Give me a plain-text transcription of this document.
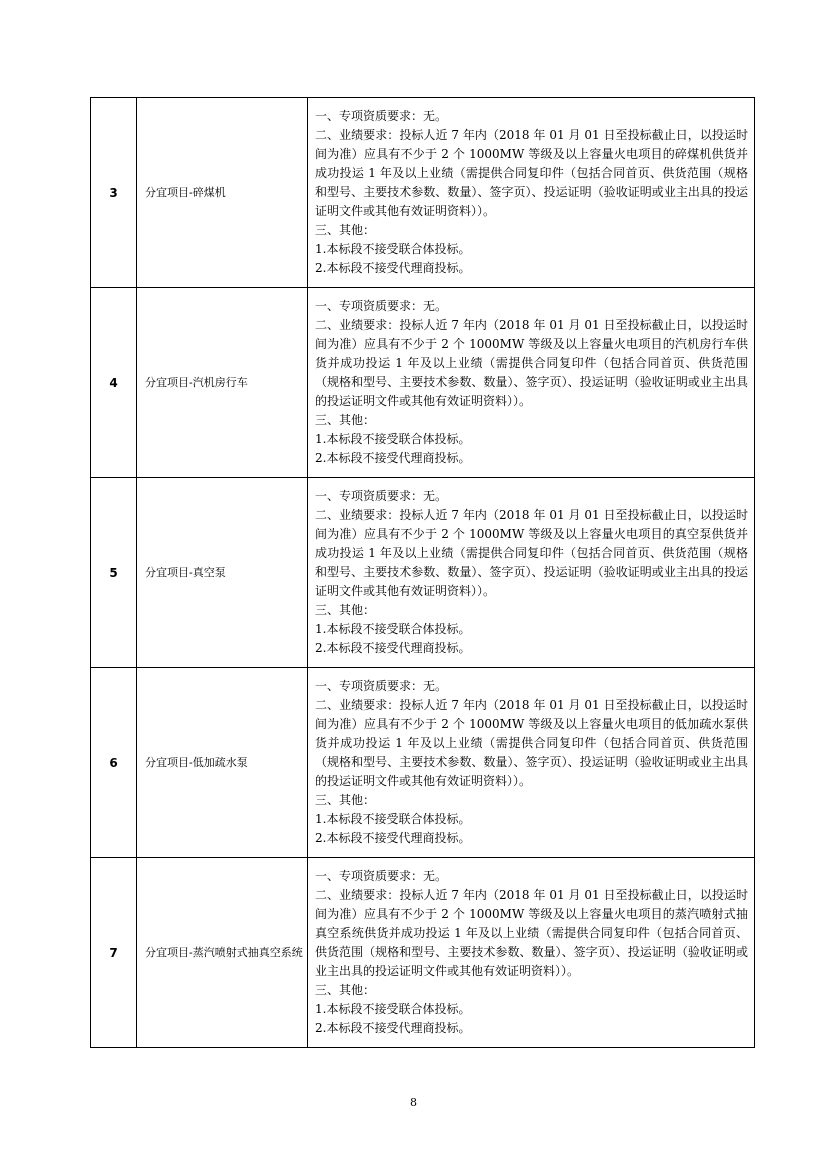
3	分宜项目-碎煤机	一、专项资质要求：无。
二、业绩要求：投标人近 7 年内（2018 年 01 月 01 日至投标截止日，以投运时间为准）应具有不少于 2 个 1000MW 等级及以上容量火电项目的碎煤机供货并成功投运 1 年及以上业绩（需提供合同复印件（包括合同首页、供货范围（规格和型号、主要技术参数、数量）、签字页）、投运证明（验收证明或业主出具的投运证明文件或其他有效证明资料））。
三、其他：
1.本标段不接受联合体投标。
2.本标段不接受代理商投标。

4	分宜项目-汽机房行车	一、专项资质要求：无。
二、业绩要求：投标人近 7 年内（2018 年 01 月 01 日至投标截止日，以投运时间为准）应具有不少于 2 个 1000MW 等级及以上容量火电项目的汽机房行车供货并成功投运 1 年及以上业绩（需提供合同复印件（包括合同首页、供货范围（规格和型号、主要技术参数、数量）、签字页）、投运证明（验收证明或业主出具的投运证明文件或其他有效证明资料））。
三、其他：
1.本标段不接受联合体投标。
2.本标段不接受代理商投标。

5	分宜项目-真空泵	一、专项资质要求：无。
二、业绩要求：投标人近 7 年内（2018 年 01 月 01 日至投标截止日，以投运时间为准）应具有不少于 2 个 1000MW 等级及以上容量火电项目的真空泵供货并成功投运 1 年及以上业绩（需提供合同复印件（包括合同首页、供货范围（规格和型号、主要技术参数、数量）、签字页）、投运证明（验收证明或业主出具的投运证明文件或其他有效证明资料））。
三、其他：
1.本标段不接受联合体投标。
2.本标段不接受代理商投标。

6	分宜项目-低加疏水泵	一、专项资质要求：无。
二、业绩要求：投标人近 7 年内（2018 年 01 月 01 日至投标截止日，以投运时间为准）应具有不少于 2 个 1000MW 等级及以上容量火电项目的低加疏水泵供货并成功投运 1 年及以上业绩（需提供合同复印件（包括合同首页、供货范围（规格和型号、主要技术参数、数量）、签字页）、投运证明（验收证明或业主出具的投运证明文件或其他有效证明资料））。
三、其他：
1.本标段不接受联合体投标。
2.本标段不接受代理商投标。

7	分宜项目-蒸汽喷射式抽真空系统	一、专项资质要求：无。
二、业绩要求：投标人近 7 年内（2018 年 01 月 01 日至投标截止日，以投运时间为准）应具有不少于 2 个 1000MW 等级及以上容量火电项目的蒸汽喷射式抽真空系统供货并成功投运 1 年及以上业绩（需提供合同复印件（包括合同首页、供货范围（规格和型号、主要技术参数、数量）、签字页）、投运证明（验收证明或业主出具的投运证明文件或其他有效证明资料））。
三、其他：
1.本标段不接受联合体投标。
2.本标段不接受代理商投标。
8
